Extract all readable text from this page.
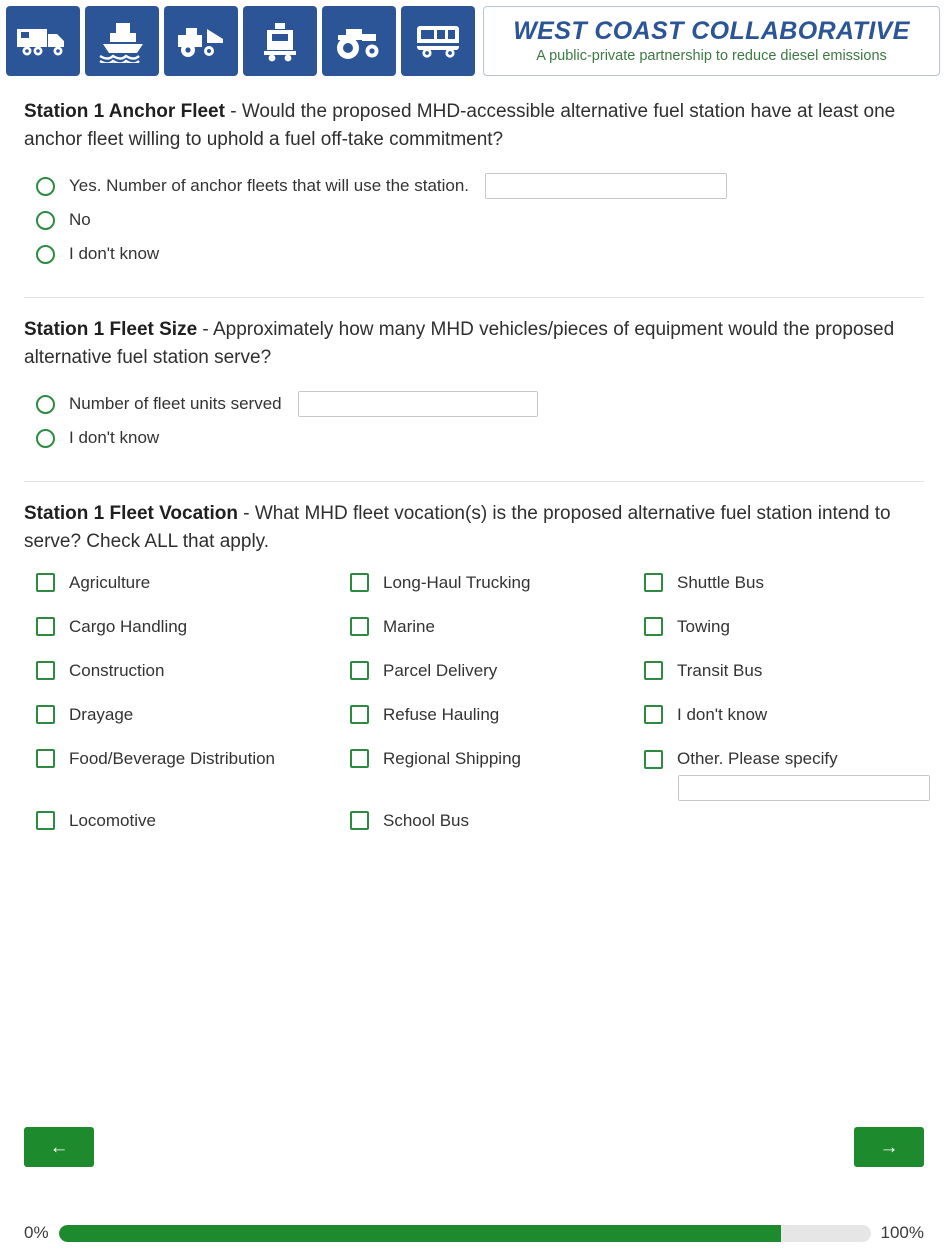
WEST COAST COLLABORATIVE
A public-private partnership to reduce diesel emissions
Station 1 Anchor Fleet - Would the proposed MHD-accessible alternative fuel station have at least one anchor fleet willing to uphold a fuel off-take commitment?
Yes. Number of anchor fleets that will use the station.
No
I don't know
Station 1 Fleet Size - Approximately how many MHD vehicles/pieces of equipment would the proposed alternative fuel station serve?
Number of fleet units served
I don't know
Station 1 Fleet Vocation - What MHD fleet vocation(s) is the proposed alternative fuel station intend to serve? Check ALL that apply.
Agriculture	Long-Haul Trucking	Shuttle Bus
Cargo Handling	Marine	Towing
Construction	Parcel Delivery	Transit Bus
Drayage	Refuse Hauling	I don't know
Food/Beverage Distribution	Regional Shipping	Other. Please specify
Locomotive	School Bus
←	→
0%	100%
